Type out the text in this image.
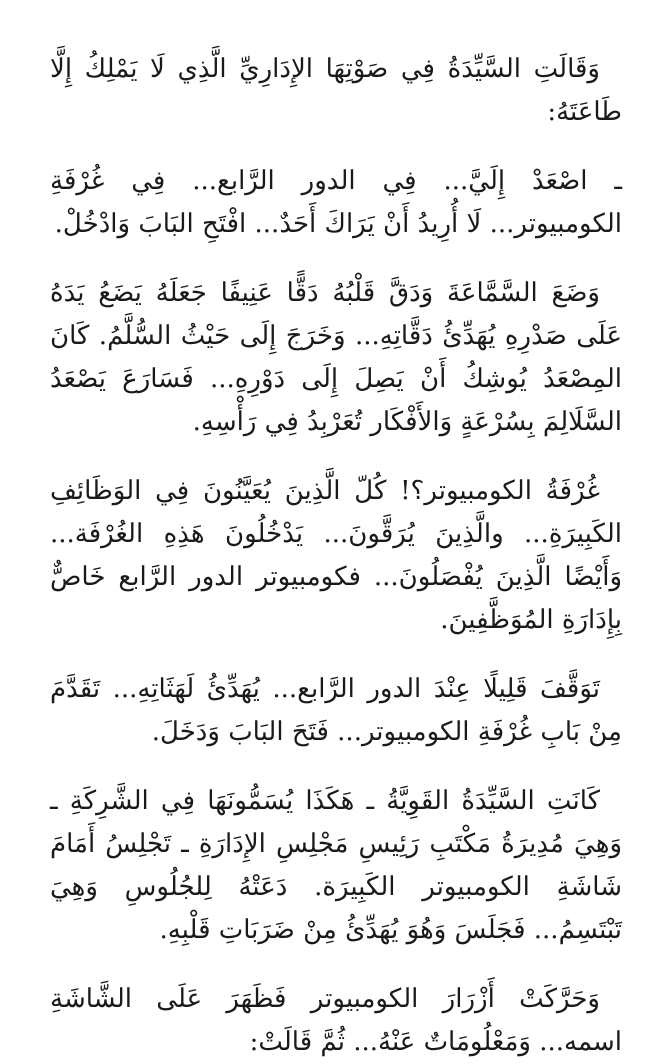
وَقَالَتِ السَّيِّدَةُ فِي صَوْتِهَا الإِدَارِيِّ الَّذِي لَا يَمْلِكُ إِلَّا طَاعَتَهُ:

ـ اصْعَدْ إِلَيَّ... فِي الدور الرَّابع... فِي غُرْفَةِ الكومبيوتر... لَا أُرِيدُ أَنْ يَرَاكَ أَحَدٌ... افْتَحِ البَابَ وَادْخُلْ.

وَضَعَ السَّمَّاعَةَ وَدَقَّ قَلْبُهُ دَقًّا عَنِيفًا جَعَلَهُ يَضَعُ يَدَهُ عَلَى صَدْرِهِ يُهَدِّئُ دَقَّاتِهِ... وَخَرَجَ إِلَى حَيْثُ السُّلَّمُ. كَانَ المِصْعَدُ يُوشِكُ أَنْ يَصِلَ إِلَى دَوْرِهِ... فَسَارَعَ يَصْعَدُ السَّلَالِمَ بِسُرْعَةٍ وَالأَفْكَار تُعَرْبِدُ فِي رَأْسِهِ.

غُرْفَةُ الكومبيوتر؟! كُلّ الَّذِينَ يُعَيَّنُونَ فِي الوَظَائِفِ الكَبِيرَةِ... والَّذِينَ يُرَقَّونَ... يَدْخُلُونَ هَذِهِ الغُرْفَة... وَأَيْضًا الَّذِينَ يُفْصَلُونَ... فكومبيوتر الدور الرَّابع خَاصٌّ بِإِدَارَةِ المُوَظَّفِينَ.

تَوَقَّفَ قَلِيلًا عِنْدَ الدور الرَّابع... يُهَدِّئُ لَهَثَاتِهِ... تَقَدَّمَ مِنْ بَابِ غُرْفَةِ الكومبيوتر... فَتَحَ البَابَ وَدَخَلَ.

كَانَتِ السَّيِّدَةُ القَوِيَّةُ ـ هَكَذَا يُسَمُّونَهَا فِي الشَّرِكَةِ ـ وَهِيَ مُدِيرَةُ مَكْتَبِ رَئِيسِ مَجْلِسِ الإِدَارَةِ ـ تَجْلِسُ أَمَامَ شَاشَةِ الكومبيوتر الكَبِيرَة. دَعَتْهُ لِلجُلُوسِ وَهِيَ تَبْتَسِمُ... فَجَلَسَ وَهُوَ يُهَدِّئُ مِنْ ضَرَبَاتِ قَلْبِهِ.

وَحَرَّكَتْ أَزْرَارَ الكومبيوتر فَظَهَرَ عَلَى الشَّاشَةِ اسمه... وَمَعْلُومَاتٌ عَنْهُ... ثُمَّ قَالَتْ:
